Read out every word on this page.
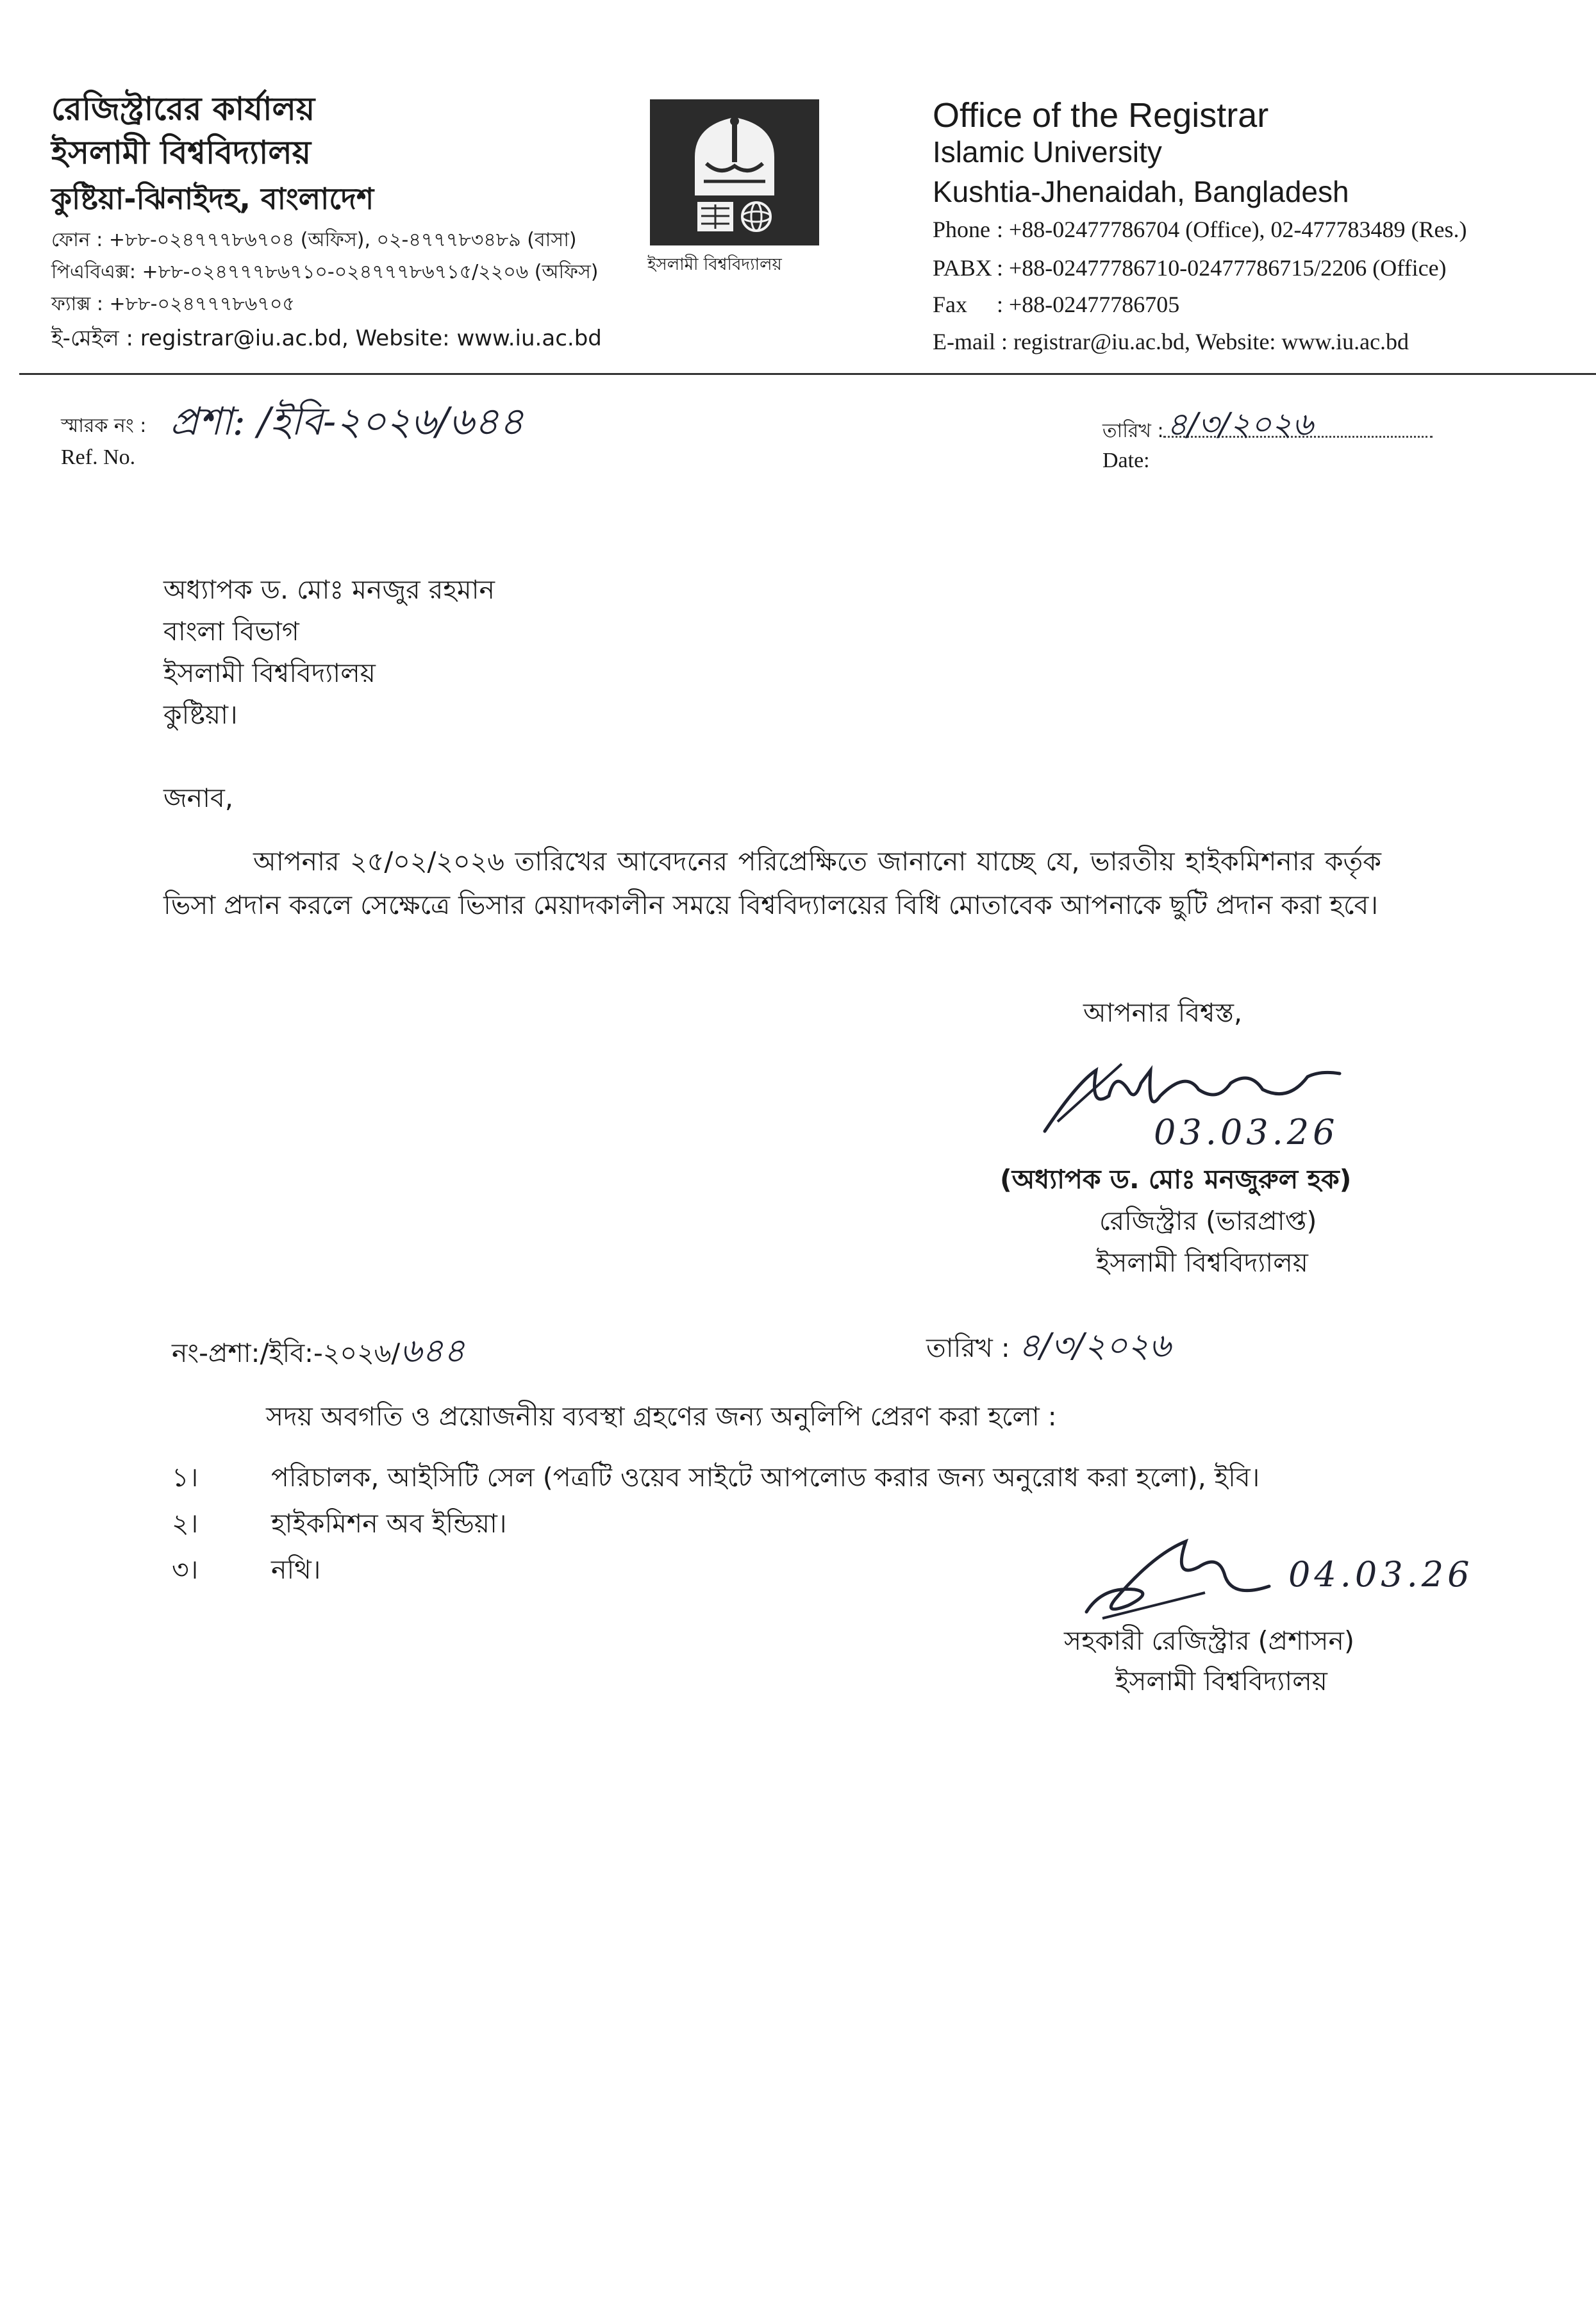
রেজিস্ট্রারের কার্যালয়
ইসলামী বিশ্ববিদ্যালয়
কুষ্টিয়া-ঝিনাইদহ, বাংলাদেশ
ফোন : +৮৮-০২৪৭৭৭৮৬৭০৪ (অফিস), ০২-৪৭৭৭৮৩৪৮৯ (বাসা)
পিএবিএক্স: +৮৮-০২৪৭৭৭৮৬৭১০-০২৪৭৭৭৮৬৭১৫/২২০৬ (অফিস)
ফ্যাক্স : +৮৮-০২৪৭৭৭৮৬৭০৫
ই-মেইল : registrar@iu.ac.bd, Website: www.iu.ac.bd
ইসলামী বিশ্ববিদ্যালয়
Office of the Registrar
Islamic University
Kushtia-Jhenaidah, Bangladesh
Phone : +88-02477786704 (Office), 02-477783489 (Res.)
PABX : +88-02477786710-02477786715/2206 (Office)
Fax : +88-02477786705
E-mail : registrar@iu.ac.bd, Website: www.iu.ac.bd
স্মারক নং :
Ref. No.
প্রশা: /ইবি-২০২৬/৬৪৪	তারিখ :
Date:
৪/৩/২০২৬
অধ্যাপক ড. মোঃ মনজুর রহমান
বাংলা বিভাগ
ইসলামী বিশ্ববিদ্যালয়
কুষ্টিয়া।
জনাব,
আপনার ২৫/০২/২০২৬ তারিখের আবেদনের পরিপ্রেক্ষিতে জানানো যাচ্ছে যে, ভারতীয় হাইকমিশনার কর্তৃক ভিসা প্রদান করলে সেক্ষেত্রে ভিসার মেয়াদকালীন সময়ে বিশ্ববিদ্যালয়ের বিধি মোতাবেক আপনাকে ছুটি প্রদান করা হবে।
আপনার বিশ্বস্ত,
03.03.26
(অধ্যাপক ড. মোঃ মনজুরুল হক)
রেজিস্ট্রার (ভারপ্রাপ্ত)
ইসলামী বিশ্ববিদ্যালয়
নং-প্রশা:/ইবি:-২০২৬/৬৪৪	তারিখ : ৪/৩/২০২৬
সদয় অবগতি ও প্রয়োজনীয় ব্যবস্থা গ্রহণের জন্য অনুলিপি প্রেরণ করা হলো :
১।	পরিচালক, আইসিটি সেল (পত্রটি ওয়েব সাইটে আপলোড করার জন্য অনুরোধ করা হলো), ইবি।
২।	হাইকমিশন অব ইন্ডিয়া।
৩।	নথি।	04.03.26
সহকারী রেজিস্ট্রার (প্রশাসন)
ইসলামী বিশ্ববিদ্যালয়
